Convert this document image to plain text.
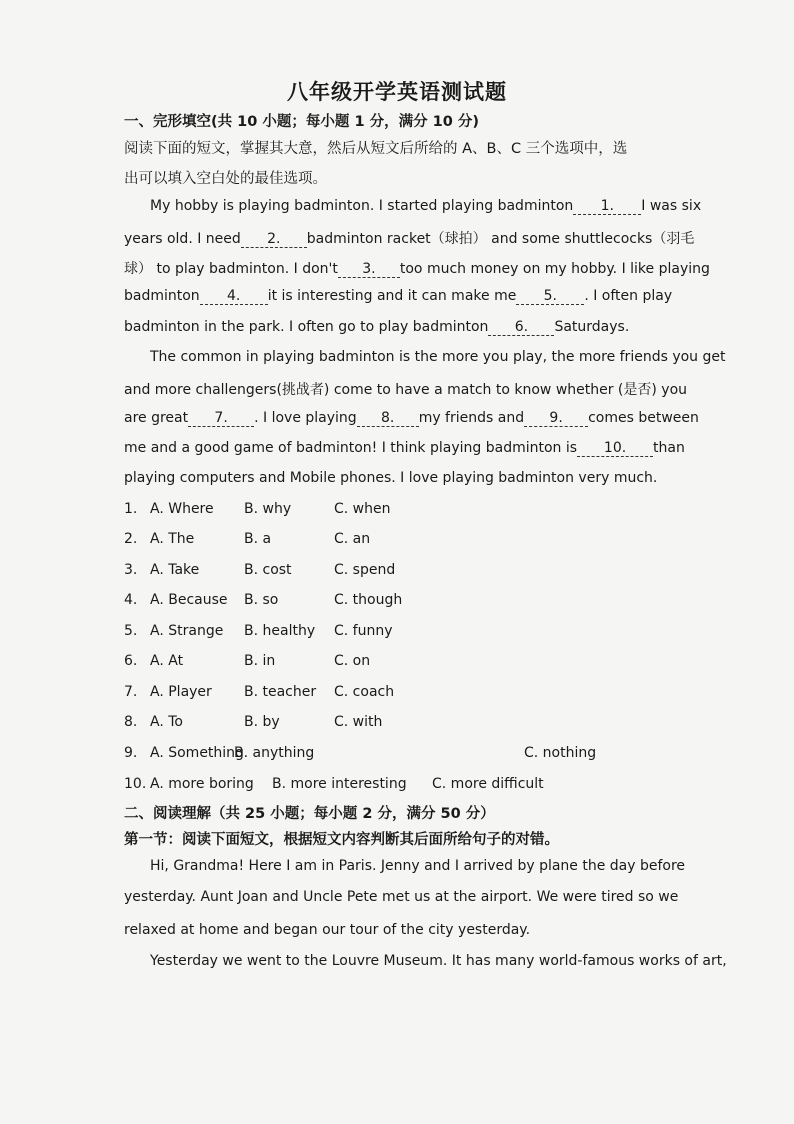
八年级开学英语测试题
一、完形填空(共 10 小题；每小题 1 分，满分 10 分)
阅读下面的短文，掌握其大意，然后从短文后所给的 A、B、C 三个选项中，选
出可以填入空白处的最佳选项。
My hobby is playing badminton. I started playing badminton 1. I was six
years old. I need 2. badminton racket（球拍） and some shuttlecocks（羽毛
球） to play badminton. I don't 3. too much money on my hobby. I like playing
badminton 4. it is interesting and it can make me 5. . I often play
badminton in the park. I often go to play badminton 6. Saturdays.
The common in playing badminton is the more you play, the more friends you get
and more challengers(挑战者) come to have a match to know whether (是否) you
are great 7. . I love playing 8. my friends and 9. comes between
me and a good game of badminton! I think playing badminton is 10. than
playing computers and Mobile phones. I love playing badminton very much.
1. A. Where B. why	C. when
2. A. The	B. a	C. an
3. A. Take	B. cost	C. spend
4. A. Because B. so	C. though
5. A. Strange B. healthy C. funny
6. A. At	B. in	C. on
7. A. Player B. teacher C. coach
8. A. To	B. by	C. with
9. A. SomethingB. anything	C. nothing
10. A. more boring B. more interesting C. more difficult
二、阅读理解（共 25 小题；每小题 2 分，满分 50 分）
第一节：阅读下面短文，根据短文内容判断其后面所给句子的对错。
Hi, Grandma! Here I am in Paris. Jenny and I arrived by plane the day before
yesterday. Aunt Joan and Uncle Pete met us at the airport. We were tired so we
relaxed at home and began our tour of the city yesterday.
Yesterday we went to the Louvre Museum. It has many world-famous works of art,
